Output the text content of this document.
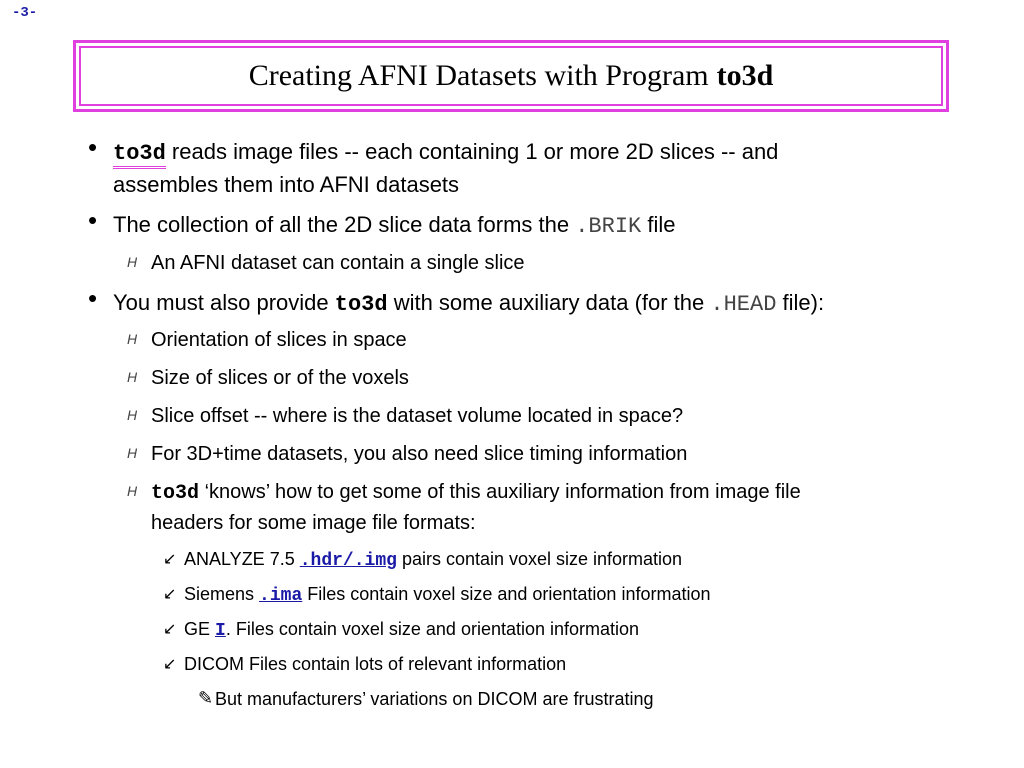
-3-
Creating AFNI Datasets with Program to3d
• to3d reads image files -- each containing 1 or more 2D slices -- and
assembles them into AFNI datasets
• The collection of all the 2D slice data forms the .BRIK file
H An AFNI dataset can contain a single slice
• You must also provide to3d with some auxiliary data (for the .HEAD file):
H Orientation of slices in space
H Size of slices or of the voxels
H Slice offset -- where is the dataset volume located in space?
H For 3D+time datasets, you also need slice timing information
H to3d ‘knows’ how to get some of this auxiliary information from image file
headers for some image file formats:
↙ ANALYZE 7.5 .hdr/.img pairs contain voxel size information
↙ Siemens .ima Files contain voxel size and orientation information
↙ GE I. Files contain voxel size and orientation information
↙ DICOM Files contain lots of relevant information
✎ But manufacturers’ variations on DICOM are frustrating
